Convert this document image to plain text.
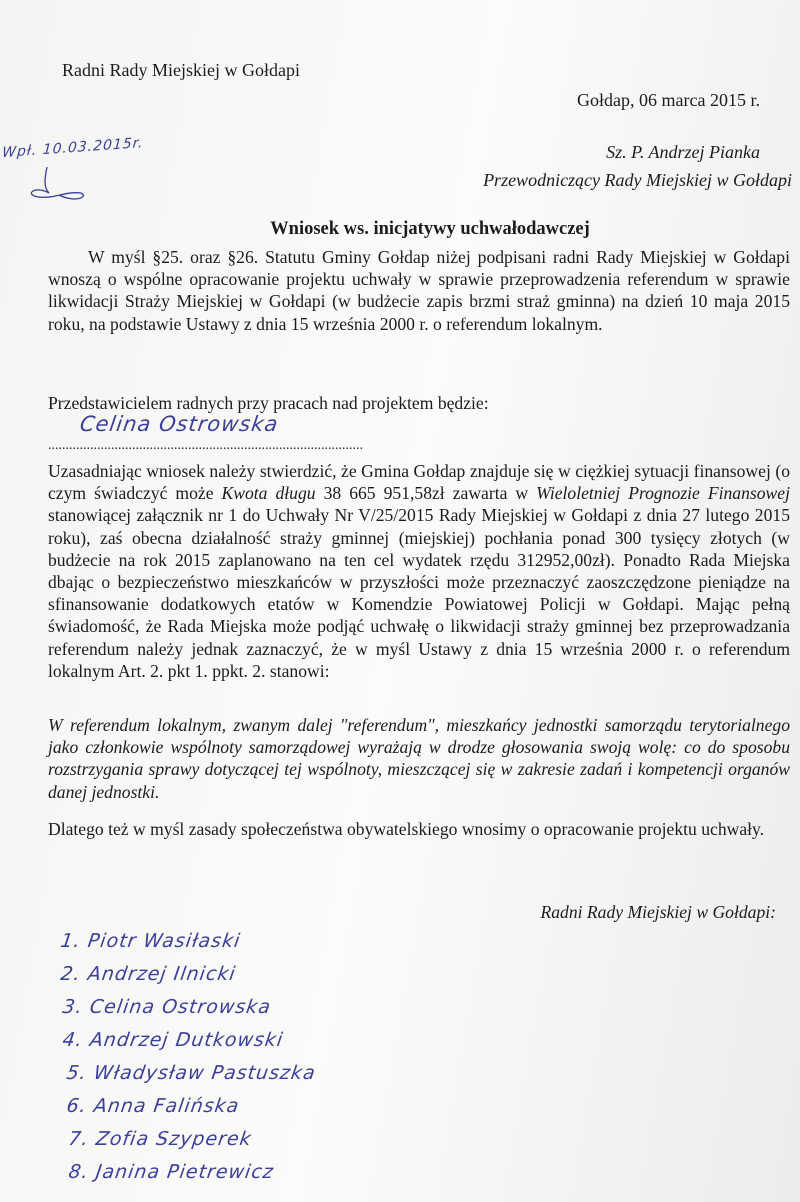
Radni Rady Miejskiej w Gołdapi
Gołdap, 06 marca 2015 r.
Sz. P. Andrzej Pianka
Przewodniczący Rady Miejskiej w Gołdapi
Wpł. 10.03.2015r.
Wniosek ws. inicjatywy uchwałodawczej
W myśl §25. oraz §26. Statutu Gminy Gołdap niżej podpisani radni Rady Miejskiej w Gołdapi wnoszą o wspólne opracowanie projektu uchwały w sprawie przeprowadzenia referendum w sprawie likwidacji Straży Miejskiej w Gołdapi (w budżecie zapis brzmi straż gminna) na dzień 10 maja 2015 roku, na podstawie Ustawy z dnia 15 września 2000 r. o referendum lokalnym.
Przedstawicielem radnych przy pracach nad projektem będzie:
Celina Ostrowska
..........................................................................................
Uzasadniając wniosek należy stwierdzić, że Gmina Gołdap znajduje się w ciężkiej sytuacji finansowej (o czym świadczyć może Kwota długu 38 665 951,58zł zawarta w Wieloletniej Prognozie Finansowej stanowiącej załącznik nr 1 do Uchwały Nr V/25/2015 Rady Miejskiej w Gołdapi z dnia 27 lutego 2015 roku), zaś obecna działalność straży gminnej (miejskiej) pochłania ponad 300 tysięcy złotych (w budżecie na rok 2015 zaplanowano na ten cel wydatek rzędu 312952,00zł). Ponadto Rada Miejska dbając o bezpieczeństwo mieszkańców w przyszłości może przeznaczyć zaoszczędzone pieniądze na sfinansowanie dodatkowych etatów w Komendzie Powiatowej Policji w Gołdapi. Mając pełną świadomość, że Rada Miejska może podjąć uchwałę o likwidacji straży gminnej bez przeprowadzania referendum należy jednak zaznaczyć, że w myśl Ustawy z dnia 15 września 2000 r. o referendum lokalnym Art. 2. pkt 1. ppkt. 2. stanowi:
W referendum lokalnym, zwanym dalej "referendum", mieszkańcy jednostki samorządu terytorialnego jako członkowie wspólnoty samorządowej wyrażają w drodze głosowania swoją wolę: co do sposobu rozstrzygania sprawy dotyczącej tej wspólnoty, mieszczącej się w zakresie zadań i kompetencji organów danej jednostki.
Dlatego też w myśl zasady społeczeństwa obywatelskiego wnosimy o opracowanie projektu uchwały.
Radni Rady Miejskiej w Gołdapi:
1. Piotr Wasiłaski
2. Andrzej Ilnicki
3. Celina Ostrowska
4. Andrzej Dutkowski
5. Władysław Pastuszka
6. Anna Falińska
7. Zofia Szyperek
8. Janina Pietrewicz
